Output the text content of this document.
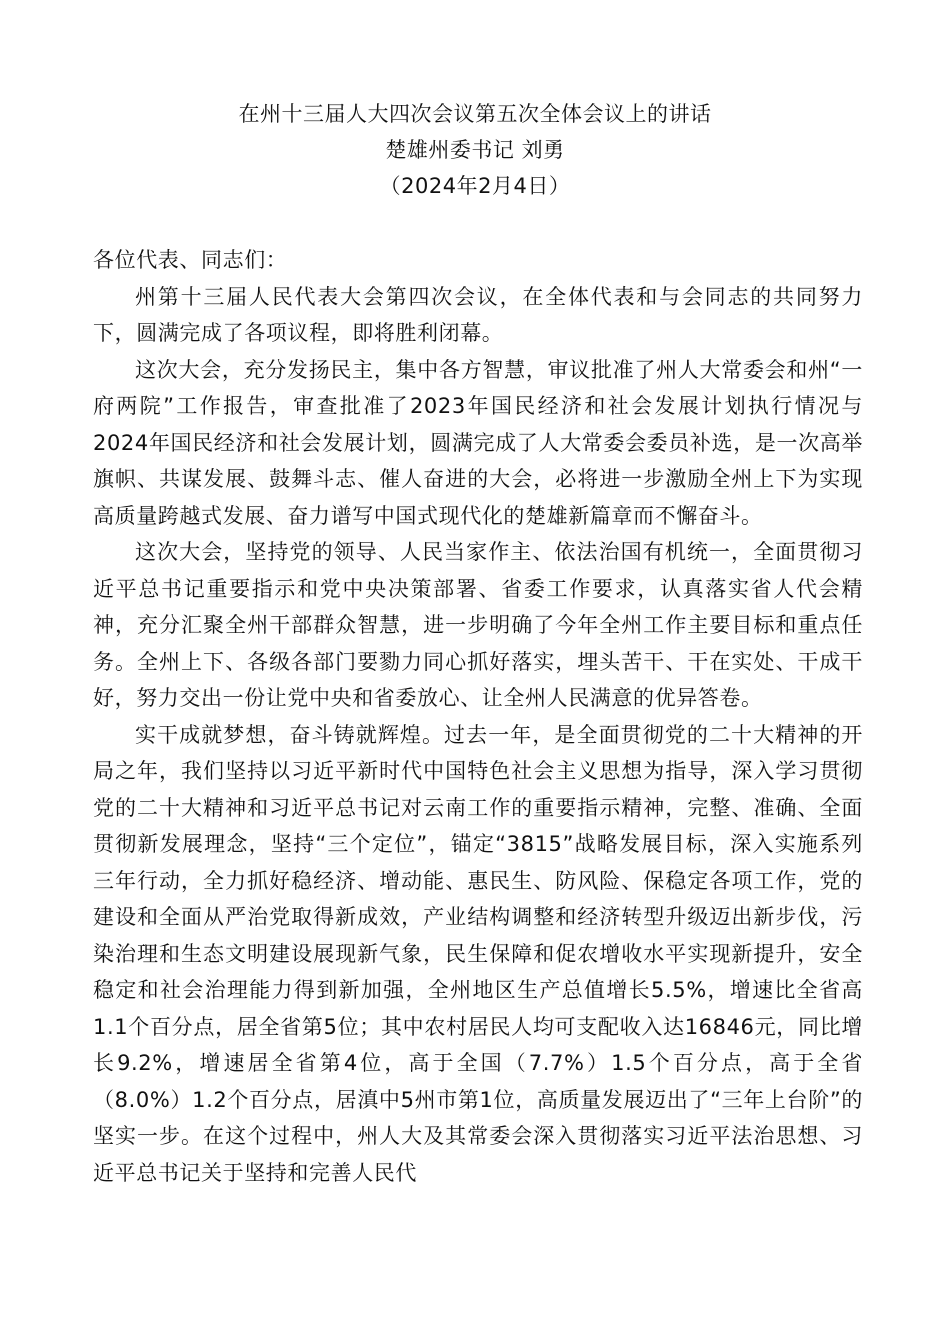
在州十三届人大四次会议第五次全体会议上的讲话
楚雄州委书记 刘勇
（2024年2月4日）

各位代表、同志们：

州第十三届人民代表大会第四次会议，在全体代表和与会同志的共同努力下，圆满完成了各项议程，即将胜利闭幕。

这次大会，充分发扬民主，集中各方智慧，审议批准了州人大常委会和州“一府两院”工作报告，审查批准了2023年国民经济和社会发展计划执行情况与2024年国民经济和社会发展计划，圆满完成了人大常委会委员补选，是一次高举旗帜、共谋发展、鼓舞斗志、催人奋进的大会，必将进一步激励全州上下为实现高质量跨越式发展、奋力谱写中国式现代化的楚雄新篇章而不懈奋斗。

这次大会，坚持党的领导、人民当家作主、依法治国有机统一，全面贯彻习近平总书记重要指示和党中央决策部署、省委工作要求，认真落实省人代会精神，充分汇聚全州干部群众智慧，进一步明确了今年全州工作主要目标和重点任务。全州上下、各级各部门要勠力同心抓好落实，埋头苦干、干在实处、干成干好，努力交出一份让党中央和省委放心、让全州人民满意的优异答卷。

实干成就梦想，奋斗铸就辉煌。过去一年，是全面贯彻党的二十大精神的开局之年，我们坚持以习近平新时代中国特色社会主义思想为指导，深入学习贯彻党的二十大精神和习近平总书记对云南工作的重要指示精神，完整、准确、全面贯彻新发展理念，坚持“三个定位”，锚定“3815”战略发展目标，深入实施系列三年行动，全力抓好稳经济、增动能、惠民生、防风险、保稳定各项工作，党的建设和全面从严治党取得新成效，产业结构调整和经济转型升级迈出新步伐，污染治理和生态文明建设展现新气象，民生保障和促农增收水平实现新提升，安全稳定和社会治理能力得到新加强，全州地区生产总值增长5.5%，增速比全省高1.1个百分点，居全省第5位；其中农村居民人均可支配收入达16846元，同比增长9.2%，增速居全省第4位，高于全国（7.7%）1.5个百分点，高于全省（8.0%）1.2个百分点，居滇中5州市第1位，高质量发展迈出了“三年上台阶”的坚实一步。在这个过程中，州人大及其常委会深入贯彻落实习近平法治思想、习近平总书记关于坚持和完善人民代
